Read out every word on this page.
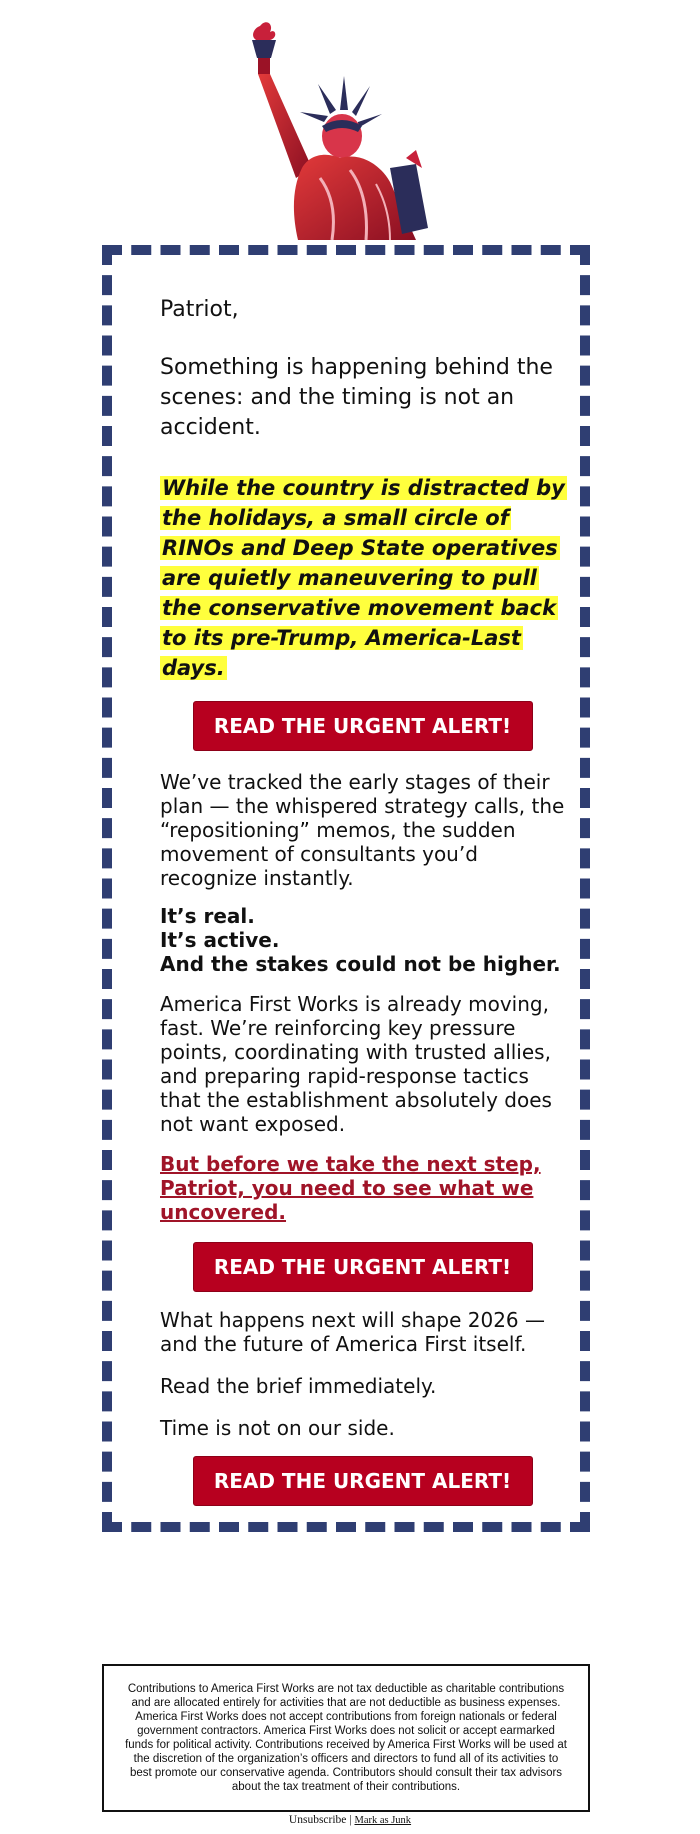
Patriot,

Something is happening behind the scenes: and the timing is not an accident.

While the country is distracted by the holidays, a small circle of RINOs and Deep State operatives are quietly maneuvering to pull the conservative movement back to its pre-Trump, America-Last days.

READ THE URGENT ALERT!

We’ve tracked the early stages of their plan — the whispered strategy calls, the “repositioning” memos, the sudden movement of consultants you’d recognize instantly.

It’s real.

It’s active.

And the stakes could not be higher.

America First Works is already moving, fast. We’re reinforcing key pressure points, coordinating with trusted allies, and preparing rapid-response tactics that the establishment absolutely does not want exposed.

But before we take the next step, Patriot, you need to see what we uncovered.

READ THE URGENT ALERT!

What happens next will shape 2026 — and the future of America First itself.

Read the brief immediately.

Time is not on our side.

READ THE URGENT ALERT!
Contributions to America First Works are not tax deductible as charitable contributions and are allocated entirely for activities that are not deductible as business expenses. America First Works does not accept contributions from foreign nationals or federal government contractors. America First Works does not solicit or accept earmarked funds for political activity. Contributions received by America First Works will be used at the discretion of the organization’s officers and directors to fund all of its activities to best promote our conservative agenda. Contributors should consult their tax advisors about the tax treatment of their contributions.
Unsubscribe | Mark as Junk
